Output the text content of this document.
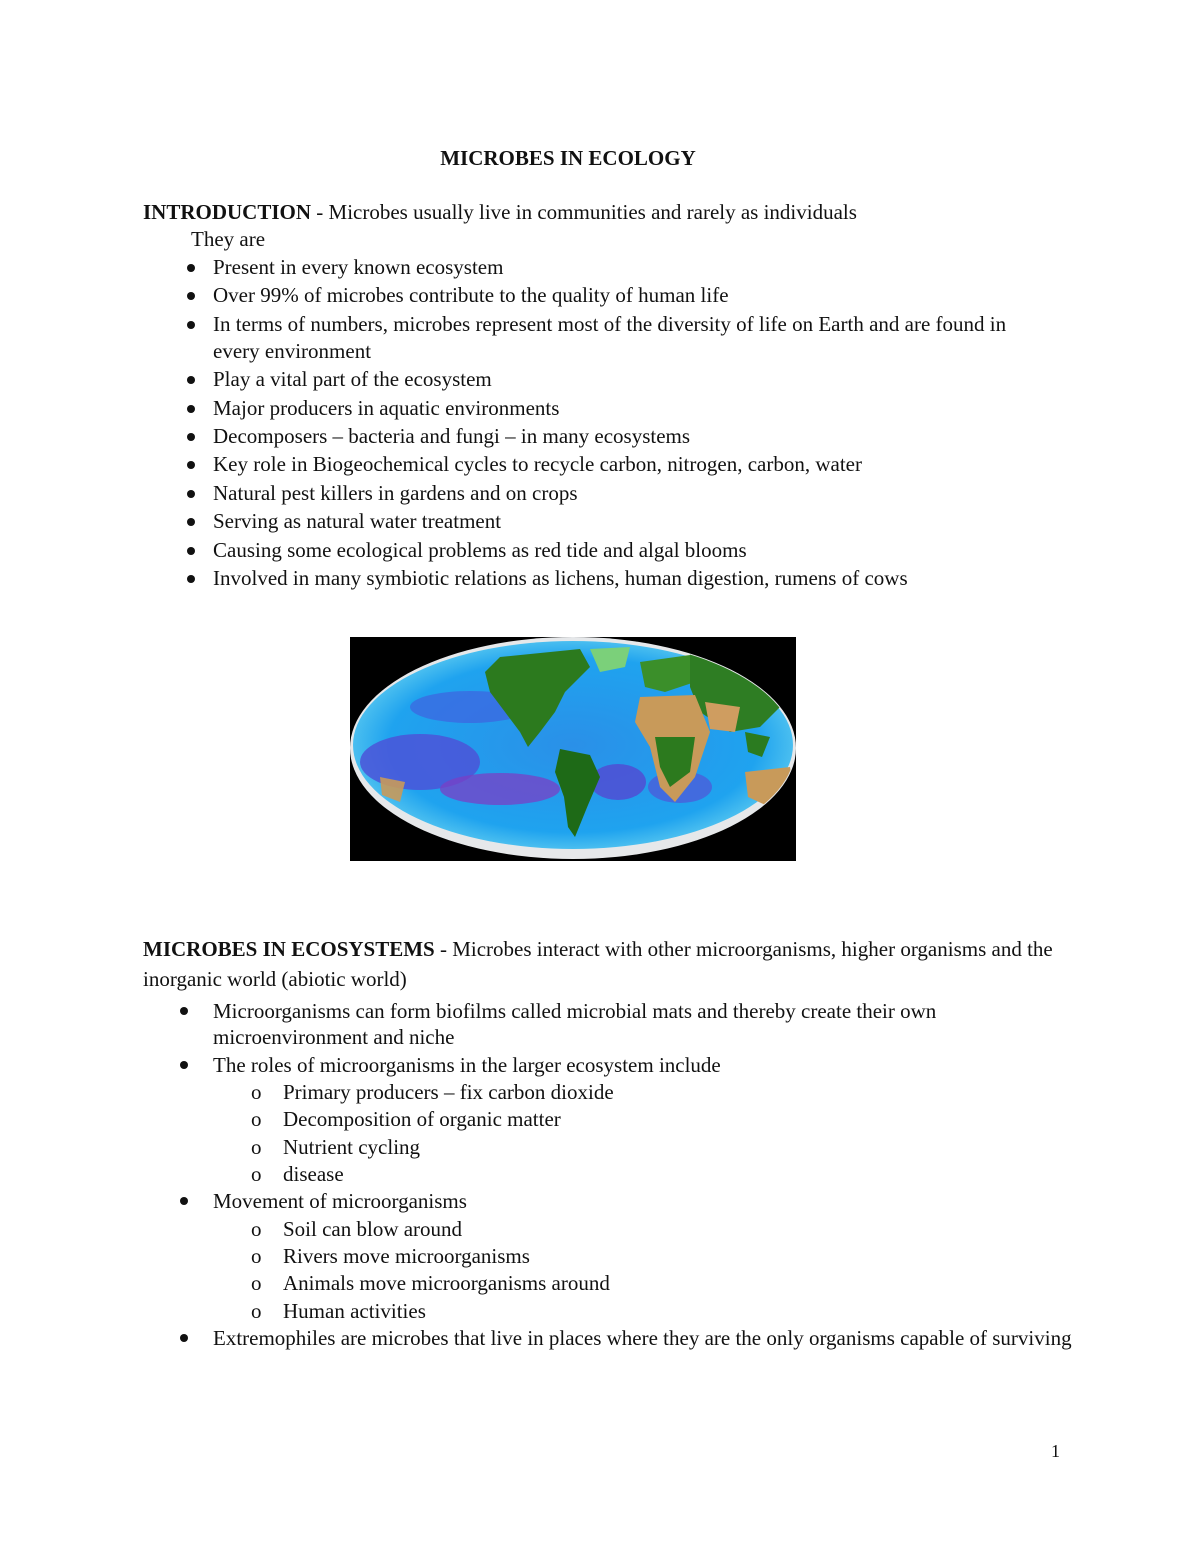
MICROBES IN ECOLOGY
INTRODUCTION - Microbes usually live in communities and rarely as individuals
They are
Present in every known ecosystem
Over 99% of microbes contribute to the quality of human life
In terms of numbers, microbes represent most of the diversity of life on Earth and are found in every environment
Play a vital part of the ecosystem
Major producers in aquatic environments
Decomposers – bacteria and fungi – in many ecosystems
Key role in Biogeochemical cycles to recycle carbon, nitrogen, carbon, water
Natural pest killers in gardens and on crops
Serving as natural water treatment
Causing some ecological problems as red tide and algal blooms
Involved in many symbiotic relations as lichens, human digestion, rumens of cows
MICROBES IN ECOSYSTEMS - Microbes interact with other microorganisms, higher organisms and the inorganic world (abiotic world)
Microorganisms can form biofilms called microbial mats and thereby create their own microenvironment and niche
The roles of microorganisms in the larger ecosystem include
o Primary producers – fix carbon dioxide
o Decomposition of organic matter
o Nutrient cycling
o disease
Movement of microorganisms
o Soil can blow around
o Rivers move microorganisms
o Animals move microorganisms around
o Human activities
Extremophiles are microbes that live in places where they are the only organisms capable of surviving
1
